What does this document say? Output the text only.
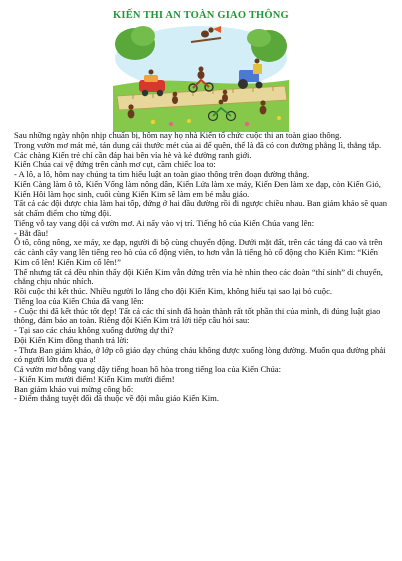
KIẾN THI AN TOÀN GIAO THÔNG

Sau những ngày nhộn nhịp chuẩn bị, hôm nay họ nhà Kiến tổ chức cuộc thi an toàn giao thông.

Trong vườn mơ mát mẻ, tán dung cái thước mét của ai để quên, thế là đã có con đường phẳng lì, thẳng tắp. Các chàng Kiến trẻ chỉ cần đáp hai bên vỉa hè và kẻ đường ranh giới.

Kiến Chúa cai vệ đứng trên cành mơ cụt, cầm chiếc loa to:

- A lô, a lô, hôm nay chúng ta tìm hiểu luật an toàn giao thông trên đoạn đường thẳng.

Kiến Càng làm ô tô, Kiến Vống làm nông dân, Kiến Lửa làm xe máy, Kiến Đen làm xe đạp, còn Kiến Gió, Kiến Hôi làm học sinh, cuối cùng Kiến Kim sẽ làm em bé mẫu giáo.

Tất cả các đội được chia làm hai tốp, đứng ở hai đầu đường rồi đi ngược chiều nhau. Ban giám khảo sẽ quan sát chấm điểm cho từng đội.

Tiếng vỗ tay vang dội cả vườn mơ. Ai nấy vào vị trí. Tiếng hô của Kiến Chúa vang lên:

- Bắt đầu!

Ô tô, công nông, xe máy, xe đạp, người đi bộ cùng chuyển động. Dưới mặt đất, trên các tảng đá cao và trên các cành cây vang lên tiếng reo hò của cổ động viên, to hơn vẫn là tiếng hò cổ động cho Kiến Kim: “Kiến Kim cố lên! Kiến Kim cố lên!”

Thế nhưng tất cả đều nhìn thấy đội Kiến Kim vẫn đứng trên vỉa hè nhìn theo các đoàn “thí sinh” di chuyển, chẳng chịu nhúc nhích.

Rồi cuộc thi kết thúc. Nhiều người lo lắng cho đội Kiến Kim, không hiểu tại sao lại bỏ cuộc.

Tiếng loa của Kiến Chúa đã vang lên:

- Cuộc thi đã kết thúc tốt đẹp! Tất cả các thí sinh đã hoàn thành rất tốt phần thi của mình, đi đúng luật giao thông, đảm bảo an toàn. Riêng đội Kiến Kim trả lời tiếp câu hỏi sau:

- Tại sao các cháu không xuống đường dự thi?

Đội Kiến Kim đồng thanh trả lời:

- Thưa Ban giám khảo, ở lớp cô giáo dạy chúng cháu không được xuống lòng đường. Muốn qua đường phải có người lớn đưa qua ạ!

Cả vườn mơ bỗng vang dậy tiếng hoan hô hòa trong tiếng loa của Kiến Chúa:

- Kiến Kim mười điểm! Kiến Kim mười điểm!

Ban giám khảo vui mừng công bố:

- Điểm thắng tuyệt đối đã thuộc về đội mẫu giáo Kiến Kim.
